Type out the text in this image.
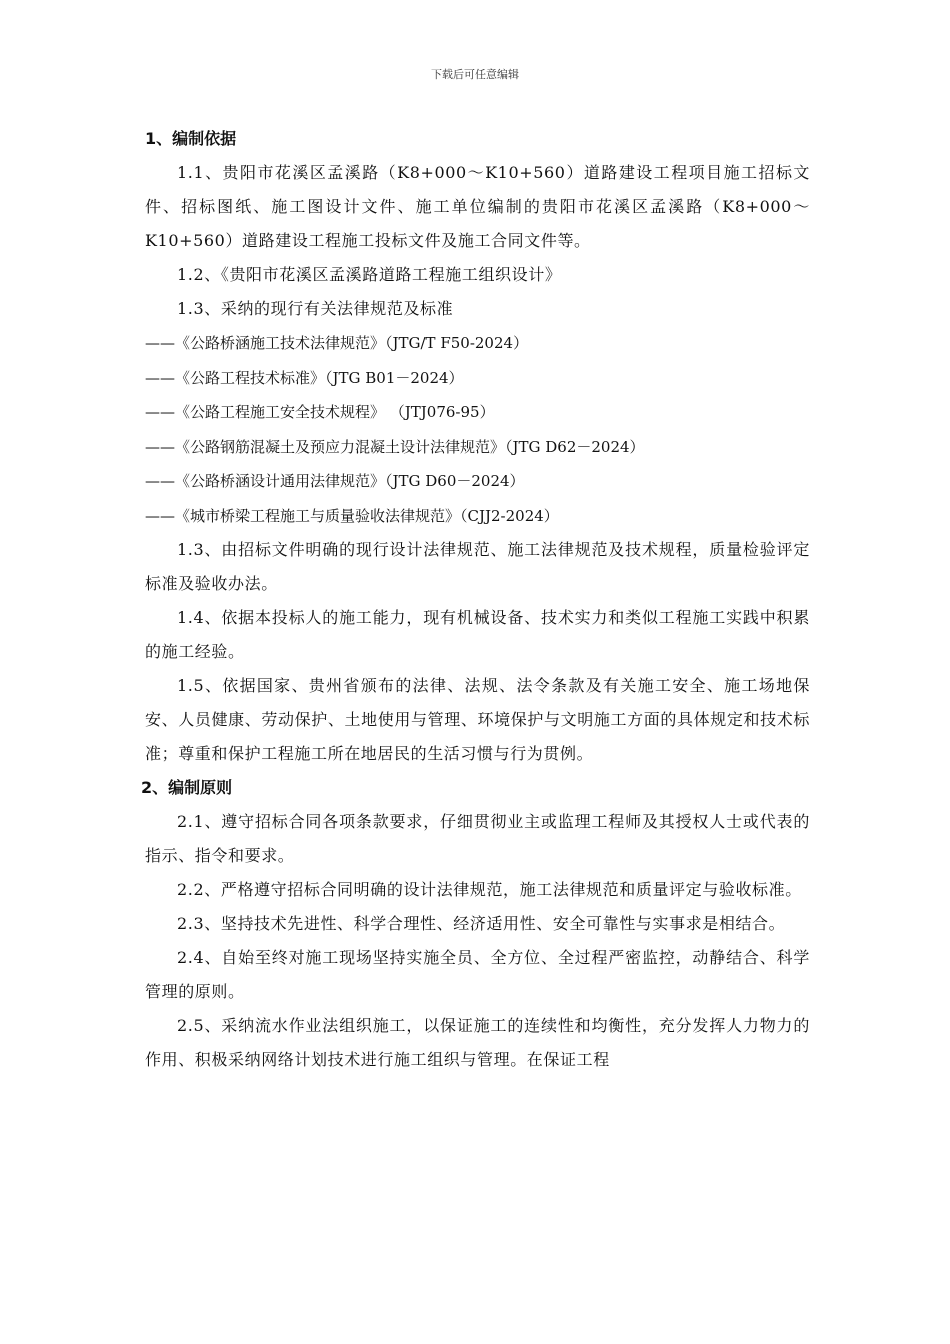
下载后可任意编辑

1、编制依据

1.1、贵阳市花溪区孟溪路（K8+000～K10+560）道路建设工程项目施工招标文件、招标图纸、施工图设计文件、施工单位编制的贵阳市花溪区孟溪路（K8+000～K10+560）道路建设工程施工投标文件及施工合同文件等。

1.2、《贵阳市花溪区孟溪路道路工程施工组织设计》

1.3、采纳的现行有关法律规范及标准

——《公路桥涵施工技术法律规范》（JTG/T F50-2024）

——《公路工程技术标准》（JTG B01－2024）

——《公路工程施工安全技术规程》 （JTJ076-95）

——《公路钢筋混凝土及预应力混凝土设计法律规范》（JTG D62－2024）

——《公路桥涵设计通用法律规范》（JTG D60－2024）

——《城市桥梁工程施工与质量验收法律规范》（CJJ2-2024）

1.3、由招标文件明确的现行设计法律规范、施工法律规范及技术规程，质量检验评定标准及验收办法。

1.4、依据本投标人的施工能力，现有机械设备、技术实力和类似工程施工实践中积累的施工经验。

1.5、依据国家、贵州省颁布的法律、法规、法令条款及有关施工安全、施工场地保安、人员健康、劳动保护、土地使用与管理、环境保护与文明施工方面的具体规定和技术标准；尊重和保护工程施工所在地居民的生活习惯与行为贯例。

2、编制原则

2.1、遵守招标合同各项条款要求，仔细贯彻业主或监理工程师及其授权人士或代表的指示、指令和要求。

2.2、严格遵守招标合同明确的设计法律规范，施工法律规范和质量评定与验收标准。

2.3、坚持技术先进性、科学合理性、经济适用性、安全可靠性与实事求是相结合。

2.4、自始至终对施工现场坚持实施全员、全方位、全过程严密监控，动静结合、科学管理的原则。

2.5、采纳流水作业法组织施工，以保证施工的连续性和均衡性，充分发挥人力物力的作用、积极采纳网络计划技术进行施工组织与管理。在保证工程
